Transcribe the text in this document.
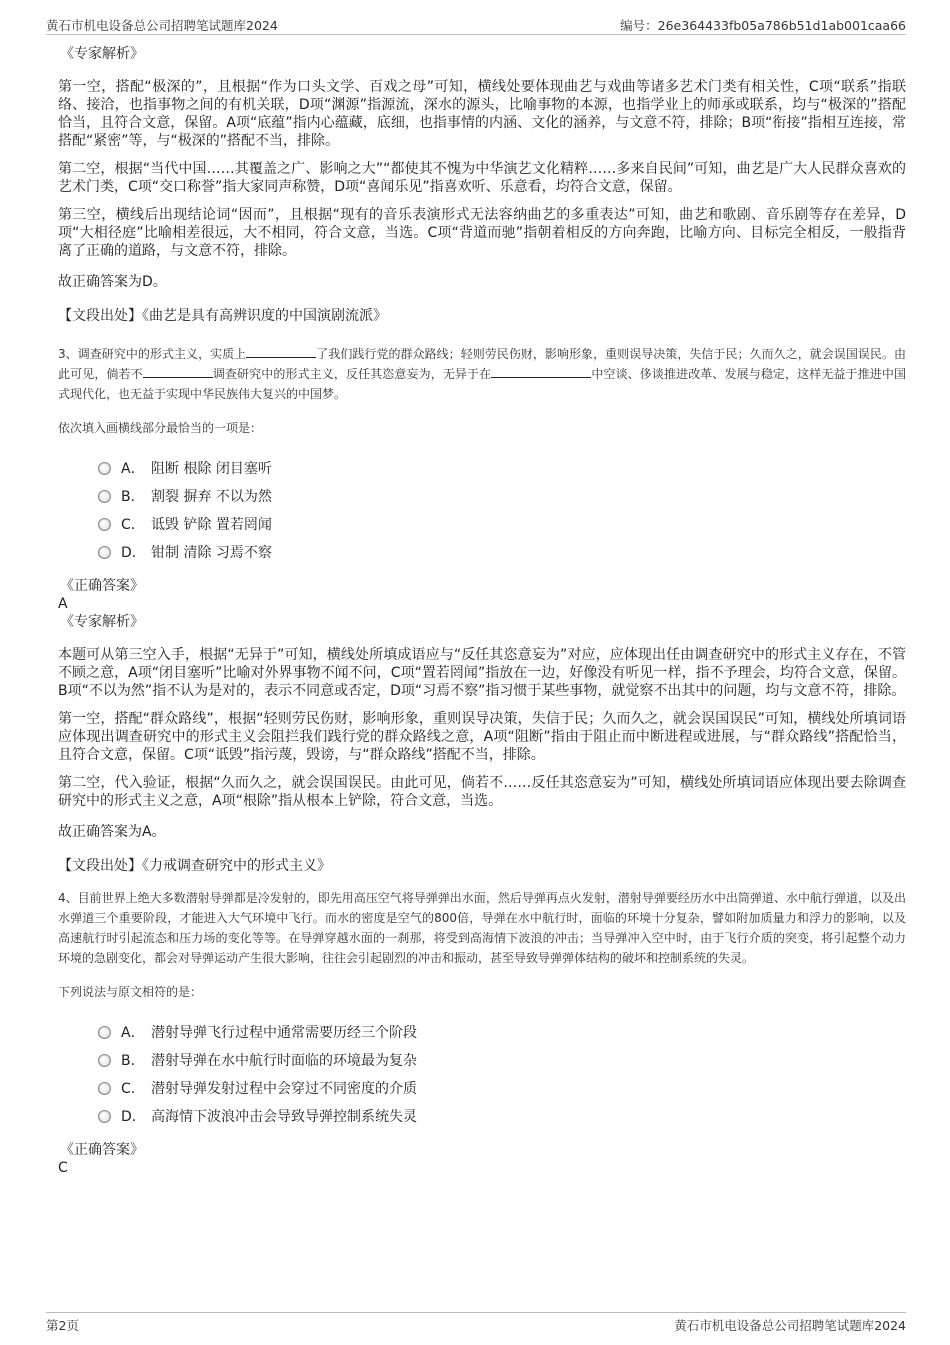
黄石市机电设备总公司招聘笔试题库2024	编号：26e364433fb05a786b51d1ab001caa66
《专家解析》

第一空，搭配“极深的”，且根据“作为口头文学、百戏之母”可知，横线处要体现曲艺与戏曲等诸多艺术门类有相关性，C项“联系”指联络、接洽，也指事物之间的有机关联，D项“渊源”指源流，深水的源头，比喻事物的本源，也指学业上的师承或联系，均与“极深的”搭配恰当，且符合文意，保留。A项“底蕴”指内心蕴藏，底细，也指事情的内涵、文化的涵养，与文意不符，排除；B项“衔接”指相互连接，常搭配“紧密”等，与“极深的”搭配不当，排除。

第二空，根据“当代中国……其覆盖之广、影响之大”“都使其不愧为中华演艺文化精粹……多来自民间”可知，曲艺是广大人民群众喜欢的艺术门类，C项“交口称誉”指大家同声称赞，D项“喜闻乐见”指喜欢听、乐意看，均符合文意，保留。

第三空，横线后出现结论词“因而”，且根据“现有的音乐表演形式无法容纳曲艺的多重表达”可知，曲艺和歌剧、音乐剧等存在差异，D项“大相径庭”比喻相差很远，大不相同，符合文意，当选。C项“背道而驰”指朝着相反的方向奔跑，比喻方向、目标完全相反，一般指背离了正确的道路，与文意不符，排除。

故正确答案为D。

【文段出处】《曲艺是具有高辨识度的中国演剧流派》

3、调查研究中的形式主义，实质上	了我们践行党的群众路线；轻则劳民伤财，影响形象，重则误导决策，失信于民；久而久之，就会误国误民。由此可见，倘若不	调查研究中的形式主义，反任其恣意妄为，无异于在	中空谈、侈谈推进改革、发展与稳定，这样无益于推进中国式现代化，也无益于实现中华民族伟大复兴的中国梦。

依次填入画横线部分最恰当的一项是：

A． 阻断 根除 闭目塞听
B． 割裂 摒弃 不以为然
C． 诋毁 铲除 置若罔闻
D． 钳制 清除 习焉不察
《正确答案》
A
《专家解析》

本题可从第三空入手，根据“无异于”可知，横线处所填成语应与“反任其恣意妄为”对应，应体现出任由调查研究中的形式主义存在，不管不顾之意，A项“闭目塞听”比喻对外界事物不闻不问，C项“置若罔闻”指放在一边，好像没有听见一样，指不予理会，均符合文意，保留。B项“不以为然”指不认为是对的，表示不同意或否定，D项“习焉不察”指习惯于某些事物，就觉察不出其中的问题，均与文意不符，排除。

第一空，搭配“群众路线”，根据“轻则劳民伤财，影响形象，重则误导决策，失信于民；久而久之，就会误国误民”可知，横线处所填词语应体现出调查研究中的形式主义会阻拦我们践行党的群众路线之意，A项“阻断”指由于阻止而中断进程或进展，与“群众路线”搭配恰当，且符合文意，保留。C项“诋毁”指污蔑，毁谤，与“群众路线”搭配不当，排除。

第二空，代入验证，根据“久而久之，就会误国误民。由此可见，倘若不……反任其恣意妄为”可知，横线处所填词语应体现出要去除调查研究中的形式主义之意，A项“根除”指从根本上铲除，符合文意，当选。

故正确答案为A。

【文段出处】《力戒调查研究中的形式主义》

4、目前世界上绝大多数潜射导弹都是冷发射的，即先用高压空气将导弹弹出水面，然后导弹再点火发射，潜射导弹要经历水中出筒弹道、水中航行弹道，以及出水弹道三个重要阶段，才能进入大气环境中飞行。而水的密度是空气的800倍，导弹在水中航行时，面临的环境十分复杂，譬如附加质量力和浮力的影响，以及高速航行时引起流态和压力场的变化等等。在导弹穿越水面的一刹那，将受到高海情下波浪的冲击；当导弹冲入空中时，由于飞行介质的突变，将引起整个动力环境的急剧变化，都会对导弹运动产生很大影响，往往会引起剧烈的冲击和振动，甚至导致导弹弹体结构的破坏和控制系统的失灵。

下列说法与原文相符的是：

A． 潜射导弹飞行过程中通常需要历经三个阶段
B． 潜射导弹在水中航行时面临的环境最为复杂
C． 潜射导弹发射过程中会穿过不同密度的介质
D． 高海情下波浪冲击会导致导弹控制系统失灵
《正确答案》
C
第2页	黄石市机电设备总公司招聘笔试题库2024
